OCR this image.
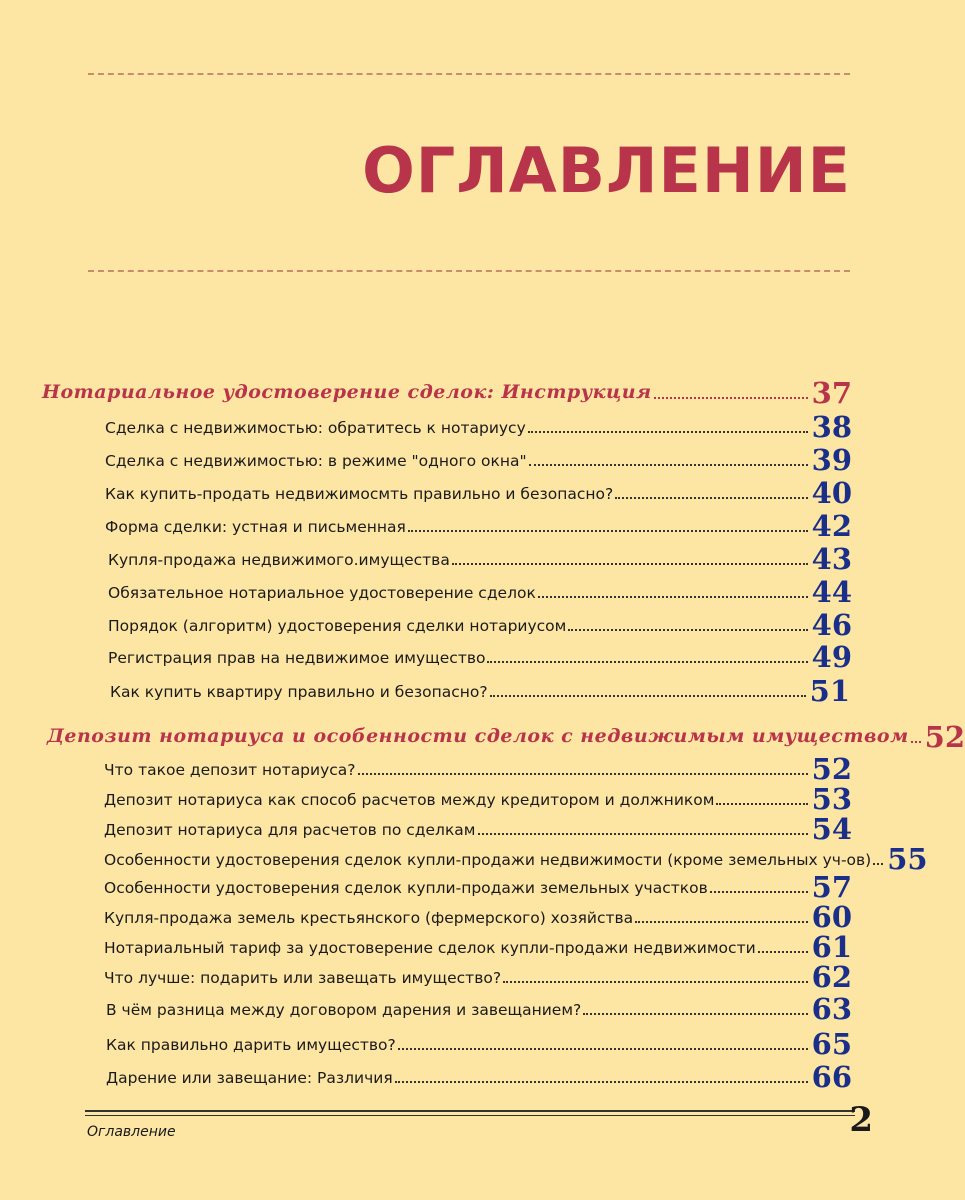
ОГЛАВЛЕНИЕ
Нотариальное удостоверение сделок: Инструкция	37
Сделка с недвижимостью: обратитесь к нотариусу	38
Сделка с недвижимостью: в режиме "одного окна"	39
Как купить-продать недвижимосмть правильно и безопасно?	40
Форма сделки: устная и письменная	42
Купля-продажа недвижимого.имущества	43
Обязательное нотариальное удостоверение сделок	44
Порядок (алгоритм) удостоверения сделки нотариусом	46
Регистрация прав на недвижимое имущество	49
Как купить квартиру правильно и безопасно?	51
Депозит нотариуса и особенности сделок с недвижимым имуществом 52
Что такое депозит нотариуса?	52
Депозит нотариуса как способ расчетов между кредитором и должником	53
Депозит нотариуса для расчетов по сделкам	54
Особенности удостоверения сделок купли-продажи недвижимости (кроме земельных уч-ов) 55
Особенности удостоверения сделок купли-продажи земельных участков	57
Купля-продажа земель крестьянского (фермерского) хозяйства	60
Нотариальный тариф за удостоверение сделок купли-продажи недвижимости 61
Что лучше: подарить или завещать имущество?	62
В чём разница между договором дарения и завещанием?	63
Как правильно дарить имущество?	65
Дарение или завещание: Различия	66
Оглавление	2
